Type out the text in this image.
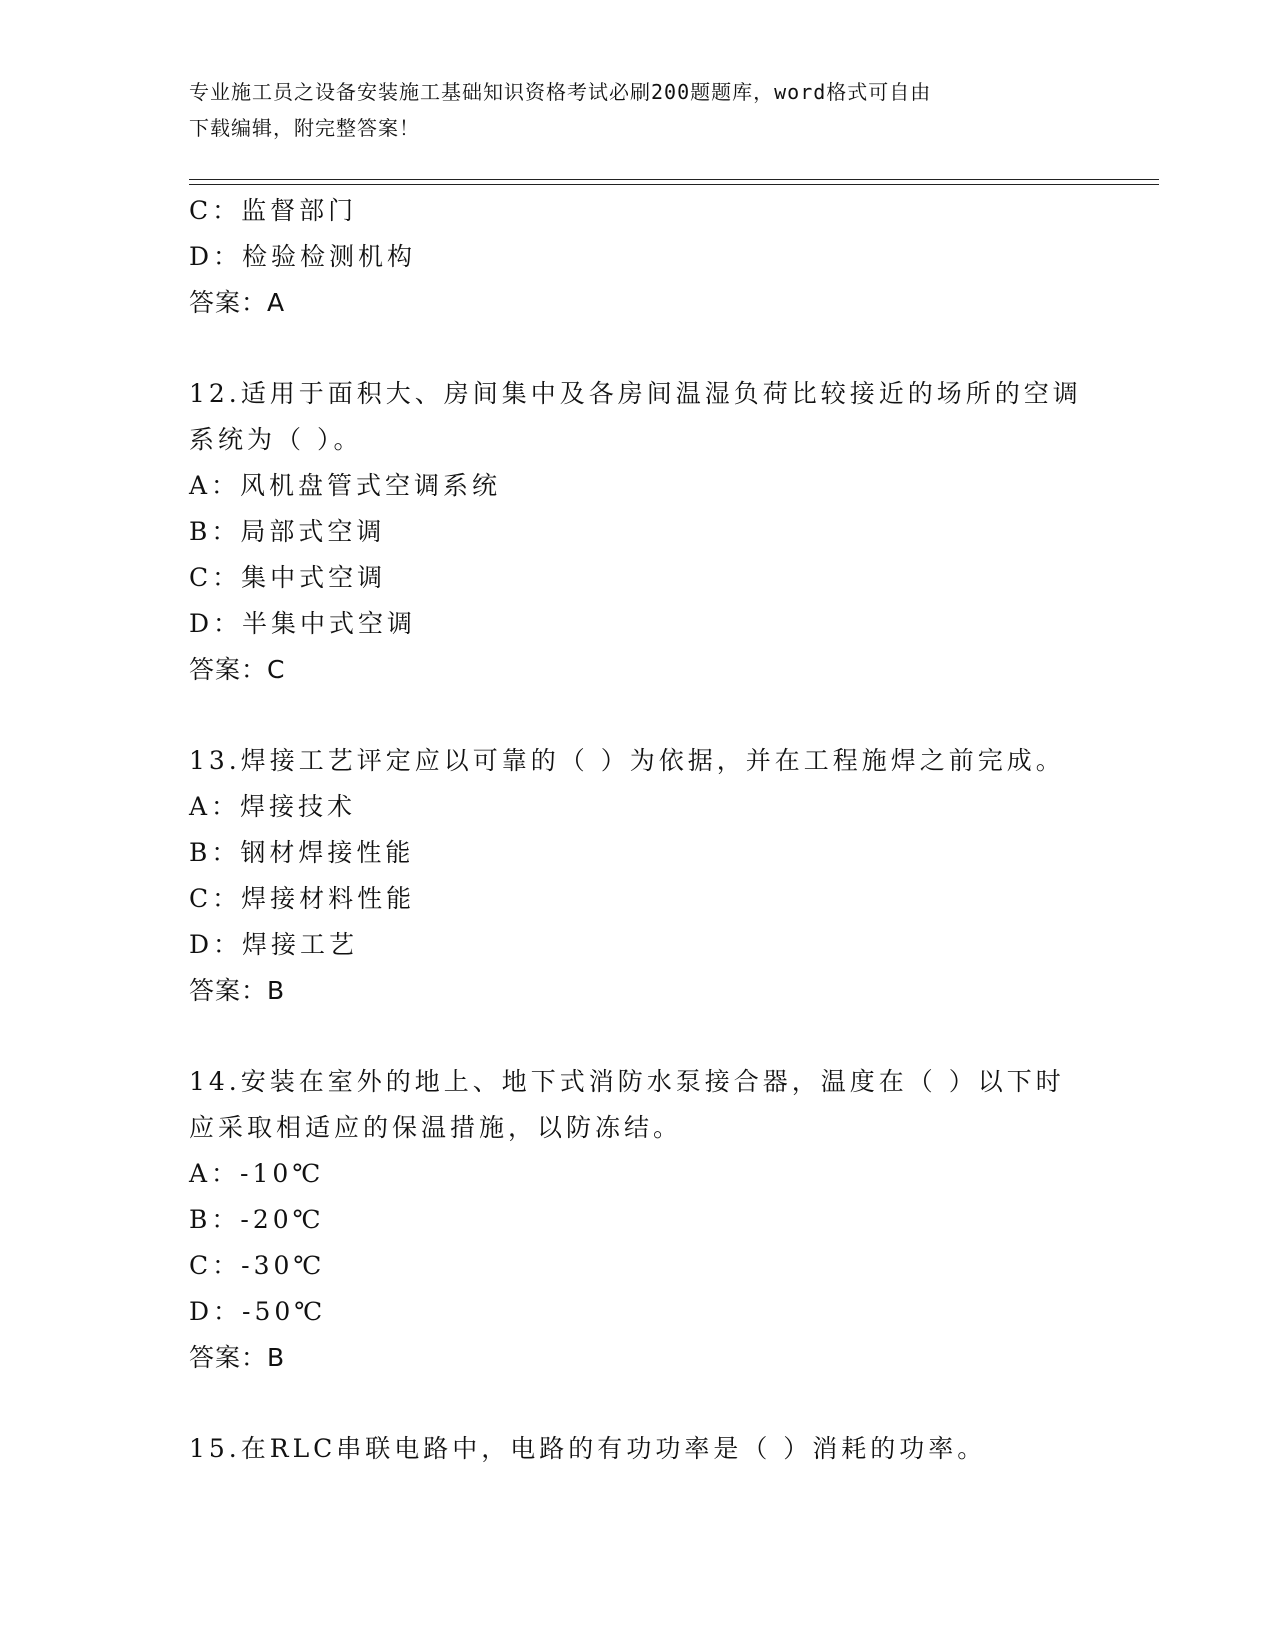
专业施工员之设备安装施工基础知识资格考试必刷200题题库，word格式可自由
下载编辑，附完整答案！
C：监督部门
D：检验检测机构
答案：A
12.适用于面积大、房间集中及各房间温湿负荷比较接近的场所的空调
系统为（ ）。
A：风机盘管式空调系统
B：局部式空调
C：集中式空调
D：半集中式空调
答案：C
13.焊接工艺评定应以可靠的（ ）为依据，并在工程施焊之前完成。
A：焊接技术
B：钢材焊接性能
C：焊接材料性能
D：焊接工艺
答案：B
14.安装在室外的地上、地下式消防水泵接合器，温度在（ ）以下时
应采取相适应的保温措施，以防冻结。
A：-10℃
B：-20℃
C：-30℃
D：-50℃
答案：B
15.在RLC串联电路中，电路的有功功率是（ ）消耗的功率。
